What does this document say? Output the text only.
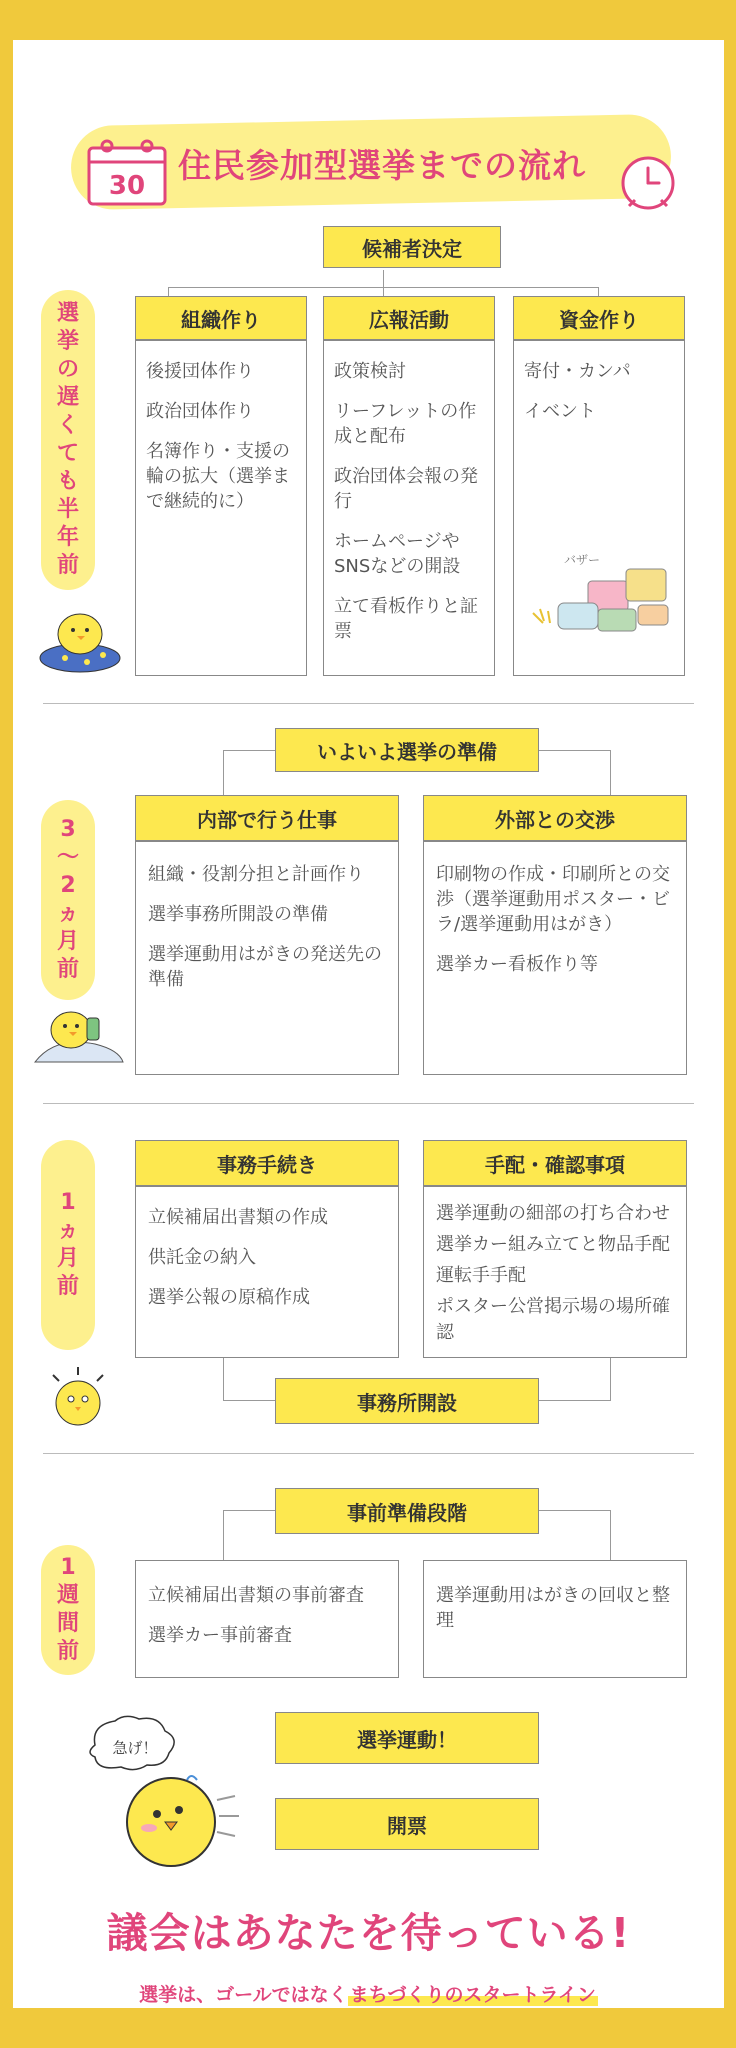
30
住民参加型選挙までの流れ
選
挙
の
遅
く
て
も
半
年
前
候補者決定
組織作り
後援団体作り
政治団体作り
名簿作り・支援の輪の拡大（選挙まで継続的に）
広報活動
政策検討
リーフレットの作成と配布
政治団体会報の発行
ホームページやSNSなどの開設
立て看板作りと証票
資金作り
寄付・カンパ
イベント
バザー
3
〜
2
ヵ
月
前
いよいよ選挙の準備
内部で行う仕事
組織・役割分担と計画作り
選挙事務所開設の準備
選挙運動用はがきの発送先の準備
外部との交渉
印刷物の作成・印刷所との交渉（選挙運動用ポスター・ビラ/選挙運動用はがき）
選挙カー看板作り等
1
ヵ
月
前
事務手続き
立候補届出書類の作成
供託金の納入
選挙公報の原稿作成
手配・確認事項
選挙運動の細部の打ち合わせ
選挙カー組み立てと物品手配
運転手手配
ポスター公営掲示場の場所確認
事務所開設
1
週
間
前
事前準備段階
立候補届出書類の事前審査
選挙カー事前審査
選挙運動用はがきの回収と整理
急げ！	選挙運動！
開票
議会はあなたを待っている!
選挙は、ゴールではなく まちづくりのスタートライン
